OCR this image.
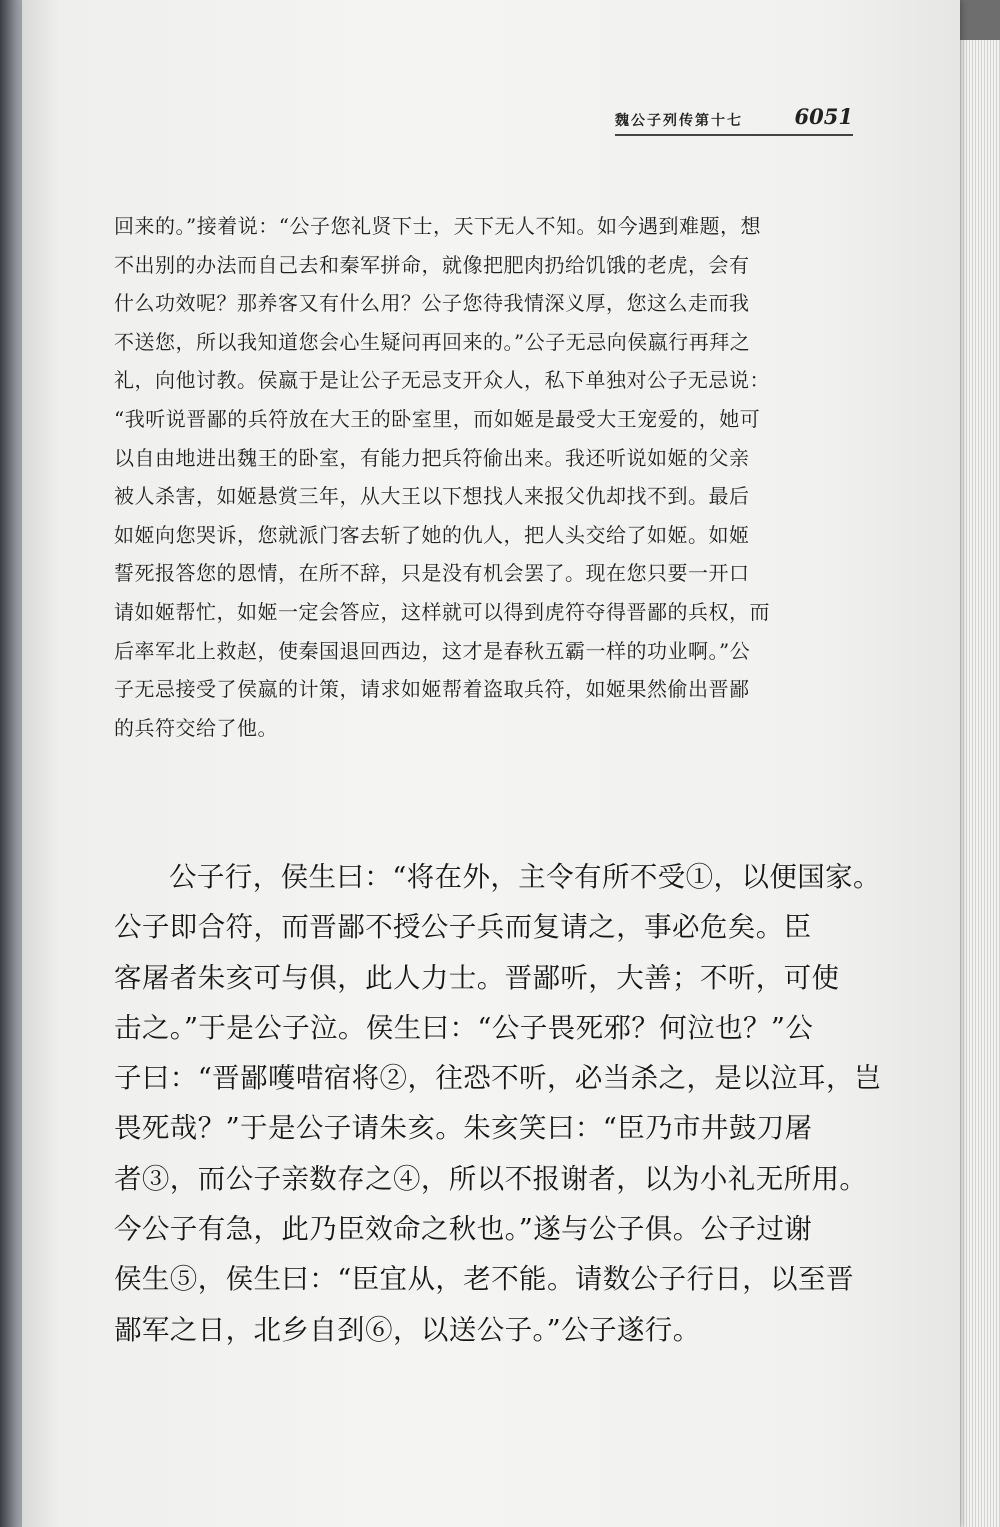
魏公子列传第十七 6051
回来的。”接着说：“公子您礼贤下士，天下无人不知。如今遇到难题，想
不出别的办法而自己去和秦军拼命，就像把肥肉扔给饥饿的老虎，会有
什么功效呢？那养客又有什么用？公子您待我情深义厚，您这么走而我
不送您，所以我知道您会心生疑问再回来的。”公子无忌向侯嬴行再拜之
礼，向他讨教。侯嬴于是让公子无忌支开众人，私下单独对公子无忌说：
“我听说晋鄙的兵符放在大王的卧室里，而如姬是最受大王宠爱的，她可
以自由地进出魏王的卧室，有能力把兵符偷出来。我还听说如姬的父亲
被人杀害，如姬悬赏三年，从大王以下想找人来报父仇却找不到。最后
如姬向您哭诉，您就派门客去斩了她的仇人，把人头交给了如姬。如姬
誓死报答您的恩情，在所不辞，只是没有机会罢了。现在您只要一开口
请如姬帮忙，如姬一定会答应，这样就可以得到虎符夺得晋鄙的兵权，而
后率军北上救赵，使秦国退回西边，这才是春秋五霸一样的功业啊。”公
子无忌接受了侯嬴的计策，请求如姬帮着盗取兵符，如姬果然偷出晋鄙
的兵符交给了他。
公子行，侯生曰：“将在外，主令有所不受①，以便国家。
公子即合符，而晋鄙不授公子兵而复请之，事必危矣。臣
客屠者朱亥可与俱，此人力士。晋鄙听，大善；不听，可使
击之。”于是公子泣。侯生曰：“公子畏死邪？何泣也？”公
子曰：“晋鄙嚄唶宿将②，往恐不听，必当杀之，是以泣耳，岂
畏死哉？”于是公子请朱亥。朱亥笑曰：“臣乃市井鼓刀屠
者③，而公子亲数存之④，所以不报谢者，以为小礼无所用。
今公子有急，此乃臣效命之秋也。”遂与公子俱。公子过谢
侯生⑤，侯生曰：“臣宜从，老不能。请数公子行日，以至晋
鄙军之日，北乡自刭⑥，以送公子。”公子遂行。
